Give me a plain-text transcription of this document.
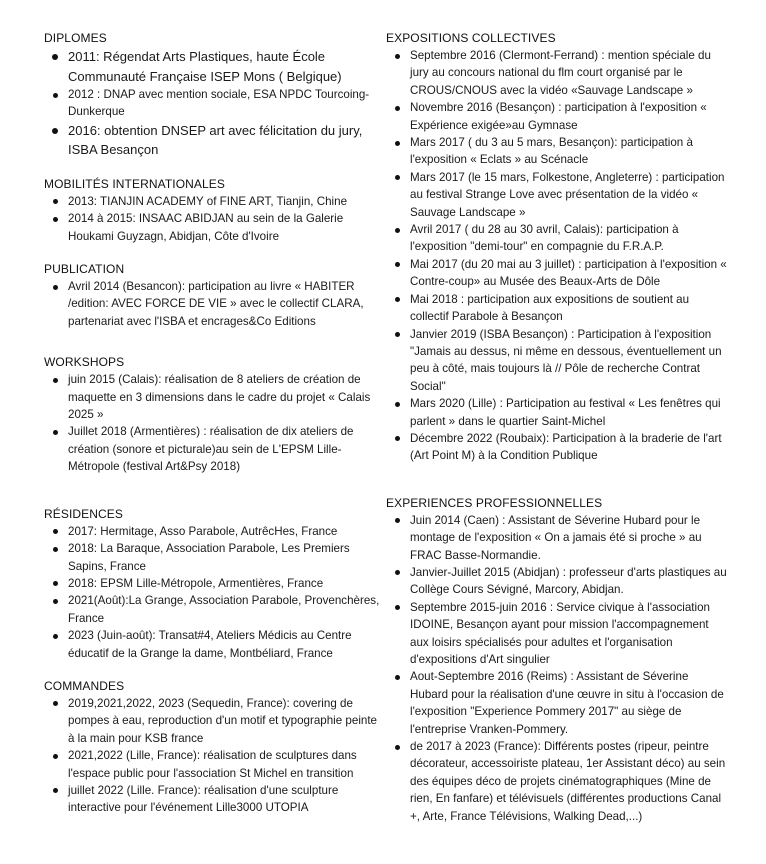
DIPLOMES
2011: Régendat Arts Plastiques, haute École Communauté Française ISEP Mons ( Belgique)
2012 : DNAP avec mention sociale, ESA NPDC Tourcoing-Dunkerque
2016: obtention DNSEP art avec félicitation du jury, ISBA Besançon
MOBILITÉS INTERNATIONALES
2013: TIANJIN ACADEMY of FINE ART, Tianjin, Chine
2014 à 2015: INSAAC ABIDJAN au sein de la Galerie Houkami Guyzagn, Abidjan, Côte d'Ivoire
PUBLICATION
Avril 2014 (Besancon): participation au livre « HABITER /edition: AVEC FORCE DE VIE » avec le collectif CLARA, partenariat avec l'ISBA et encrages&Co Editions
WORKSHOPS
juin 2015 (Calais): réalisation de 8 ateliers de création de maquette en 3 dimensions dans le cadre du projet « Calais 2025 »
Juillet 2018 (Armentières) : réalisation de dix ateliers de création (sonore et picturale)au sein de L'EPSM Lille-Métropole (festival Art&Psy 2018)
RÉSIDENCES
2017: Hermitage, Asso Parabole, AutrêcHes, France
2018: La Baraque, Association Parabole, Les Premiers Sapins, France
2018: EPSM Lille-Métropole, Armentières, France
2021(Août):La Grange, Association Parabole, Provenchères, France
2023 (Juin-août): Transat#4, Ateliers Médicis au Centre éducatif de la Grange la dame, Montbéliard, France
COMMANDES
2019,2021,2022, 2023 (Sequedin, France): covering de pompes à eau, reproduction d'un motif et typographie peinte à la main pour KSB france
2021,2022 (Lille, France): réalisation de sculptures dans l'espace public pour l'association St Michel en transition
juillet 2022 (Lille. France): réalisation d'une sculpture interactive pour l'événement Lille3000 UTOPIA
EXPOSITIONS COLLECTIVES
Septembre 2016 (Clermont-Ferrand) : mention spéciale du jury au concours national du flm court organisé par le CROUS/CNOUS avec la vidéo «Sauvage Landscape »
Novembre 2016 (Besançon) : participation à l'exposition « Expérience exigée»au Gymnase
Mars 2017 ( du 3 au 5 mars, Besançon): participation à l'exposition « Eclats » au Scénacle
Mars 2017 (le 15 mars, Folkestone, Angleterre) : participation au festival Strange Love avec présentation de la vidéo « Sauvage Landscape »
Avril 2017 ( du 28 au 30 avril, Calais): participation à l'exposition "demi-tour" en compagnie du F.R.A.P.
Mai 2017 (du 20 mai au 3 juillet) : participation à l'exposition « Contre-coup» au Musée des Beaux-Arts de Dôle
Mai 2018 : participation aux expositions de soutient au collectif Parabole à Besançon
Janvier 2019 (ISBA Besançon) : Participation à l'exposition "Jamais au dessus, ni même en dessous, éventuellement un peu à côté, mais toujours là // Pôle de recherche Contrat Social"
Mars 2020 (Lille) : Participation au festival « Les fenêtres qui parlent » dans le quartier Saint-Michel
Décembre 2022 (Roubaix): Participation à la braderie de l'art (Art Point M) à la Condition Publique
EXPERIENCES PROFESSIONNELLES
Juin 2014 (Caen) : Assistant de Séverine Hubard pour le montage de l'exposition « On a jamais été si proche » au FRAC Basse-Normandie.
Janvier-Juillet 2015 (Abidjan) : professeur d'arts plastiques au Collège Cours Sévigné, Marcory, Abidjan.
Septembre 2015-juin 2016 : Service civique à l'association IDOINE, Besançon ayant pour mission l'accompagnement aux loisirs spécialisés pour adultes et l'organisation d'expositions d'Art singulier
Aout-Septembre 2016 (Reims) : Assistant de Séverine Hubard pour la réalisation d'une œuvre in situ à l'occasion de l'exposition "Experience Pommery 2017" au siège de l'entreprise Vranken-Pommery.
de 2017 à 2023 (France): Différents postes (ripeur, peintre décorateur, accessoiriste plateau, 1er Assistant déco) au sein des équipes déco de projets cinématographiques (Mine de rien, En fanfare) et télévisuels (différentes productions Canal +, Arte, France Télévisions, Walking Dead,...)
